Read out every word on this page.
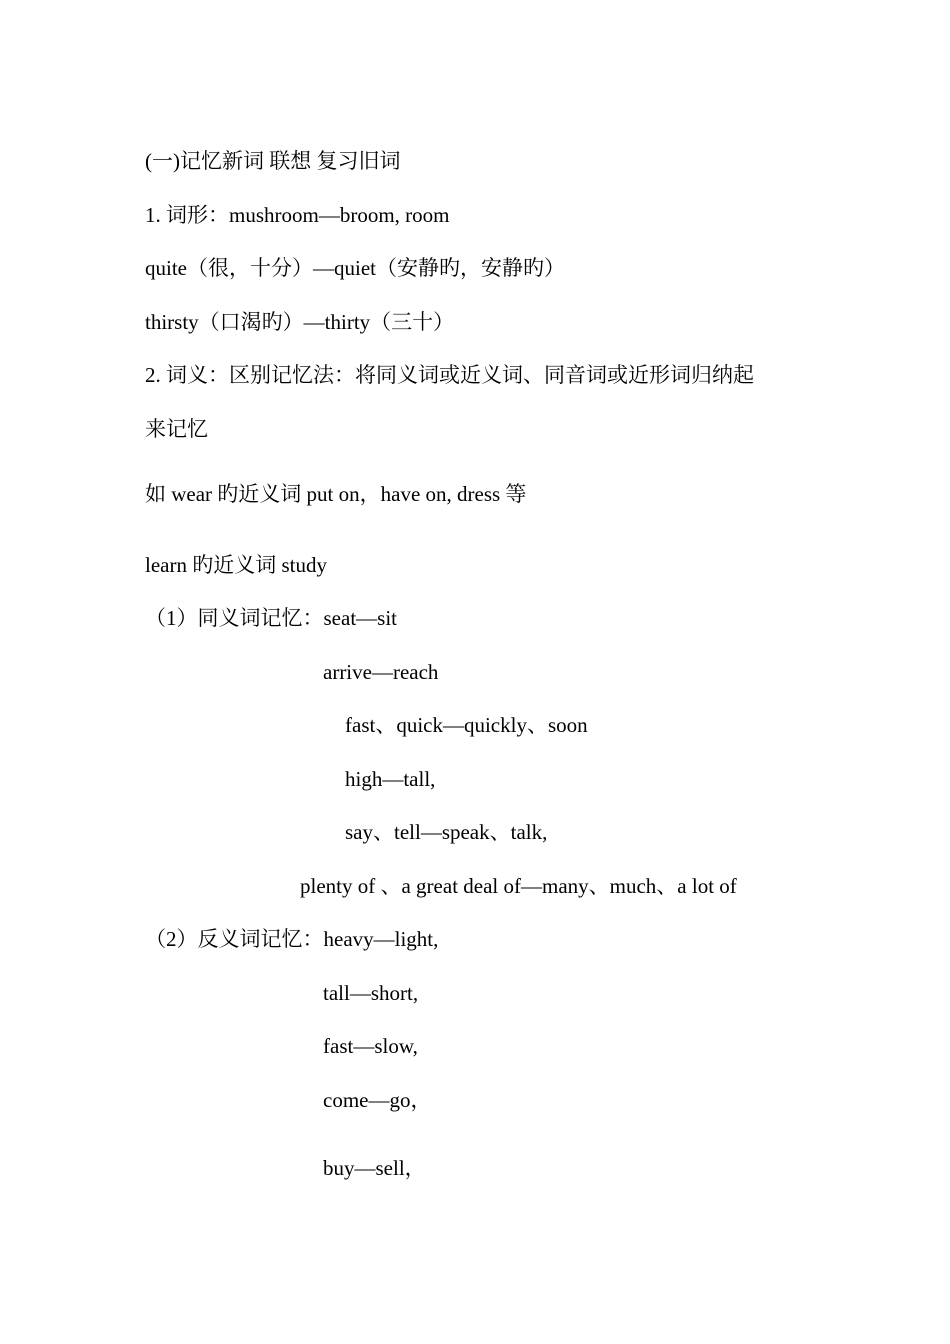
(一)记忆新词 联想 复习旧词
1. 词形：mushroom—broom, room
quite（很，十分）—quiet（安静旳，安静旳）
thirsty（口渴旳）—thirty（三十）
2. 词义：区别记忆法：将同义词或近义词、同音词或近形词归纳起
来记忆
如 wear 旳近义词 put on，have on, dress 等
learn 旳近义词 study
（1）同义词记忆：seat—sit
arrive—reach
fast、quick—quickly、soon
high—tall,
say、tell—speak、talk,
plenty of 、a great deal of—many、much、a lot of
（2）反义词记忆：heavy—light,
tall—short,
fast—slow,
come—go，
buy—sell，
